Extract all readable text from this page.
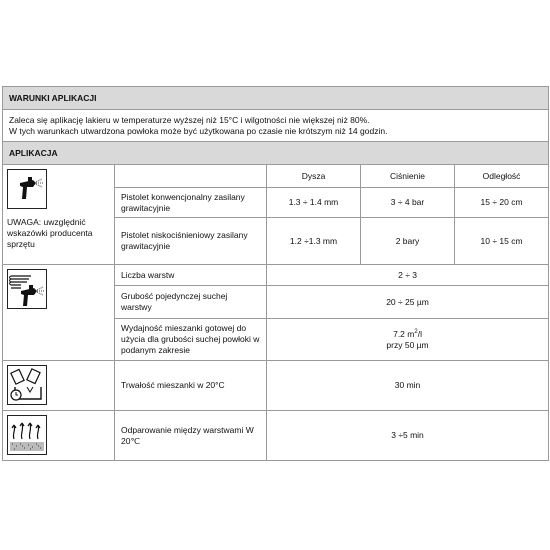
WARUNKI APLIKACJI				

Zaleca się aplikację lakieru w temperaturze wyższej niż 15°C i wilgotności nie większej niż 80%.
W tych warunkach utwardzona powłoka może być użytkowana po czasie nie krótszym niż 14 godzin.				

APLIKACJA				

UWAGA: uwzględnić wskazówki producenta sprzętu		Dysza	Ciśnienie	Odległość
	Pistolet konwencjonalny zasilany grawitacyjnie	1.3 ÷ 1.4 mm	3 ÷ 4 bar	15 ÷ 20 cm
	Pistolet niskociśnieniowy zasilany grawitacyjnie	1.2 ÷1.3 mm	2 bary	10 ÷ 15 cm

	Liczba warstw	2 ÷ 3		
	Grubość pojedynczej suchej warstwy	20 ÷ 25 µm		
	Wydajność mieszanki gotowej do użycia dla grubości suchej powłoki w podanym zakresie	7.2 $m^2/l$
przy 50 µm		

	Trwałość mieszanki w 20°C	30 min		

	Odparowanie między warstwami W 20℃	3 ÷5 min		
